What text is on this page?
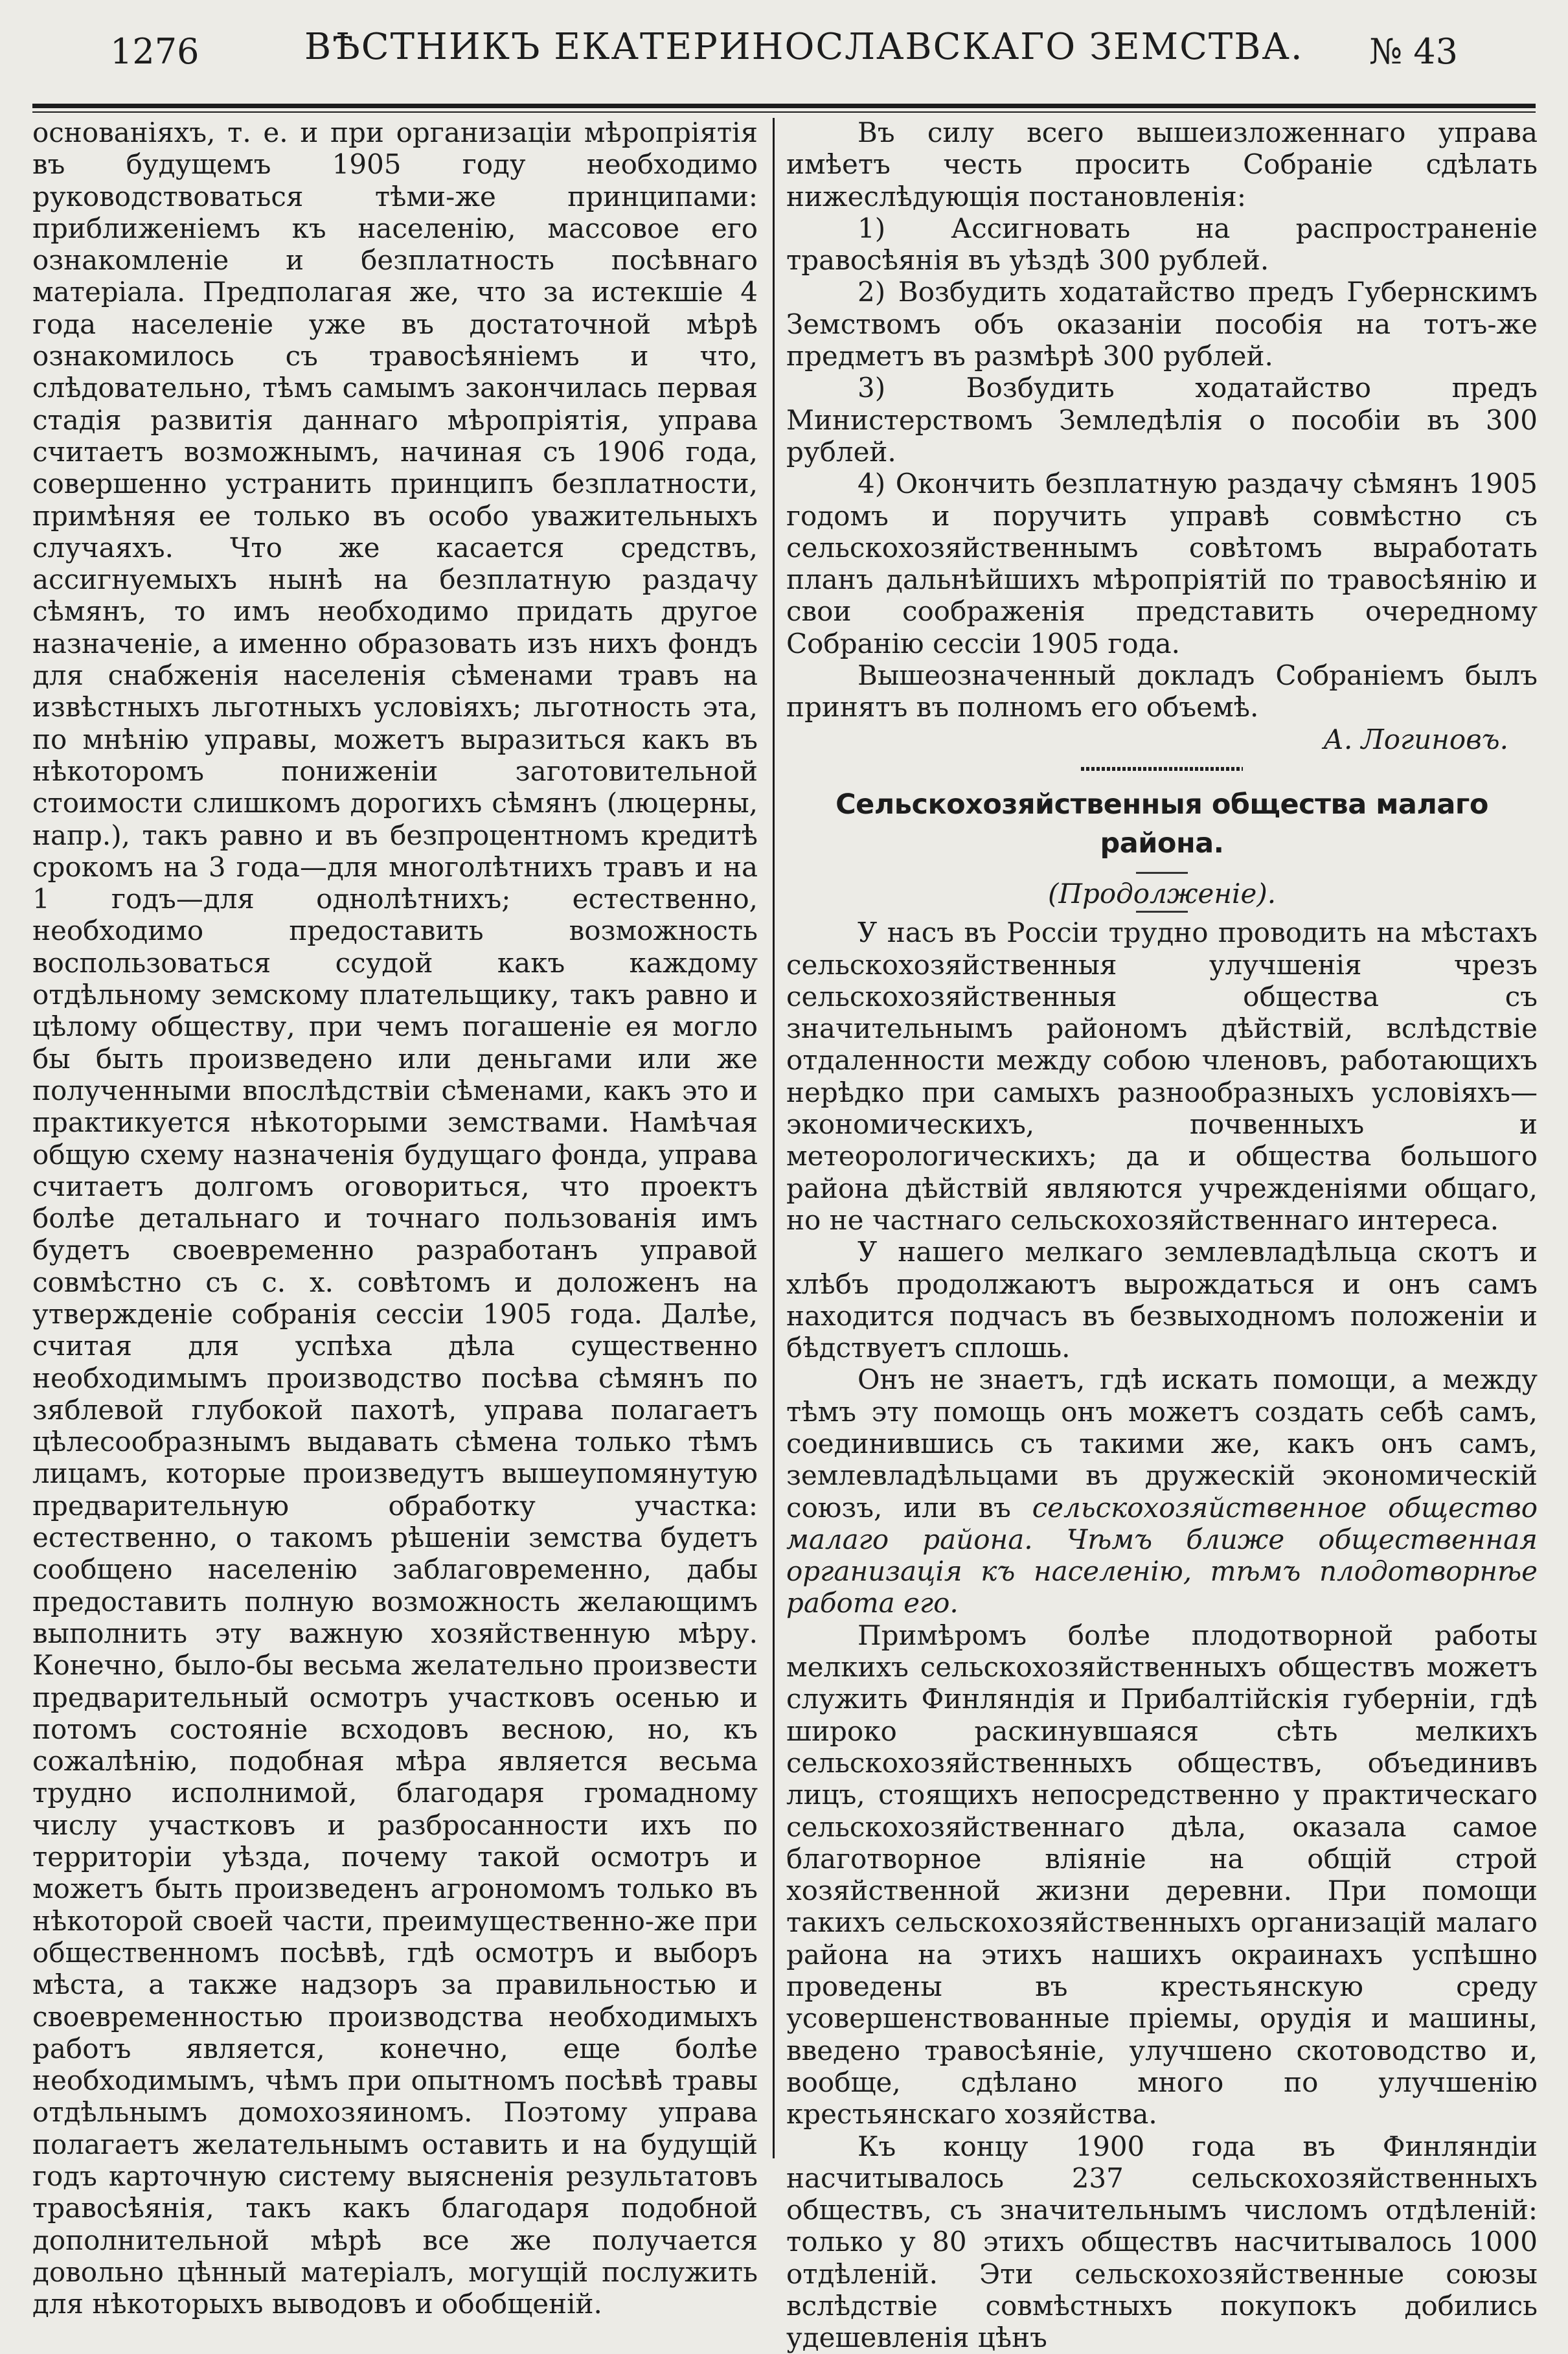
1276	ВѢСТНИКЪ ЕКАТЕРИНОСЛАВСКАГО ЗЕМСТВА. № 43

основаніяхъ, т. е. и при организаціи мѣропріятія въ будущемъ 1905 году необходимо руководствоваться тѣми-же принципами: приближеніемъ къ населенію, массовое его ознакомленіе и безплатность посѣвнаго матеріала. Предполагая же, что за истекшіе 4 года населеніе уже въ достаточной мѣрѣ ознакомилось съ травосѣяніемъ и что, слѣдовательно, тѣмъ самымъ закончилась первая стадія развитія даннаго мѣропріятія, управа считаетъ возможнымъ, начиная съ 1906 года, совершенно устранить принципъ безплатности, примѣняя ее только въ особо уважительныхъ случаяхъ. Что же касается средствъ, ассигнуемыхъ нынѣ на безплатную раздачу сѣмянъ, то имъ необходимо придать другое назначеніе, а именно образовать изъ нихъ фондъ для снабженія населенія сѣменами травъ на извѣстныхъ льготныхъ условіяхъ; льготность эта, по мнѣнію управы, можетъ выразиться какъ въ нѣкоторомъ пониженіи заготовительной стоимости слишкомъ дорогихъ сѣмянъ (люцерны, напр.), такъ равно и въ безпроцентномъ кредитѣ срокомъ на 3 года—для многолѣтнихъ травъ и на 1 годъ—для однолѣтнихъ; естественно, необходимо предоставить возможность воспользоваться ссудой какъ каждому отдѣльному земскому плательщику, такъ равно и цѣлому обществу, при чемъ погашеніе ея могло бы быть произведено или деньгами или же полученными впослѣдствіи сѣменами, какъ это и практикуется нѣкоторыми земствами. Намѣчая общую схему назначенія будущаго фонда, управа считаетъ долгомъ оговориться, что проектъ болѣе детальнаго и точнаго пользованія имъ будетъ своевременно разработанъ управой совмѣстно съ с. х. совѣтомъ и доложенъ на утвержденіе собранія сессіи 1905 года. Далѣе, считая для успѣха дѣла существенно необходимымъ производство посѣва сѣмянъ по зяблевой глубокой пахотѣ, управа полагаетъ цѣлесообразнымъ выдавать сѣмена только тѣмъ лицамъ, которые произведутъ вышеупомянутую предварительную обработку участка: естественно, о такомъ рѣшеніи земства будетъ сообщено населенію заблаговременно, дабы предоставить полную возможность желающимъ выполнить эту важную хозяйственную мѣру. Конечно, было-бы весьма желательно произвести предварительный осмотръ участковъ осенью и потомъ состояніе всходовъ весною, но, къ сожалѣнію, подобная мѣра является весьма трудно исполнимой, благодаря громадному числу участковъ и разбросанности ихъ по территоріи уѣзда, почему такой осмотръ и можетъ быть произведенъ агрономомъ только въ нѣкоторой своей части, преимущественно-же при общественномъ посѣвѣ, гдѣ осмотръ и выборъ мѣста, а также надзоръ за правильностью и своевременностью производства необходимыхъ работъ является, конечно, еще болѣе необходимымъ, чѣмъ при опытномъ посѣвѣ травы отдѣльнымъ домохозяиномъ. Поэтому управа полагаетъ желательнымъ оставить и на будущій годъ карточную систему выясненія результатовъ травосѣянія, такъ какъ благодаря подобной дополнительной мѣрѣ все же получается довольно цѣнный матеріалъ, могущій послужить для нѣкоторыхъ выводовъ и обобщеній.

Въ силу всего вышеизложеннаго управа имѣетъ честь просить Собраніе сдѣлать нижеслѣдующія постановленія:

1) Ассигновать на распространеніе травосѣянія въ уѣздѣ 300 рублей.

2) Возбудить ходатайство предъ Губернскимъ Земствомъ объ оказаніи пособія на тотъ-же предметъ въ размѣрѣ 300 рублей.

3) Возбудить ходатайство предъ Министерствомъ Земледѣлія о пособіи въ 300 рублей.

4) Окончить безплатную раздачу сѣмянъ 1905 годомъ и поручить управѣ совмѣстно съ сельскохозяйственнымъ совѣтомъ выработать планъ дальнѣйшихъ мѣропріятій по травосѣянію и свои соображенія представить очередному Собранію сессіи 1905 года.

Вышеозначенный докладъ Собраніемъ былъ принятъ въ полномъ его объемѣ.

А. Логиновъ.

Сельскохозяйственныя общества малаго района.

(Продолженіе).

У насъ въ Россіи трудно проводить на мѣстахъ сельскохозяйственныя улучшенія чрезъ сельскохозяйственныя общества съ значительнымъ райономъ дѣйствій, вслѣдствіе отдаленности между собою членовъ, работающихъ нерѣдко при самыхъ разнообразныхъ условіяхъ—экономическихъ, почвенныхъ и метеорологическихъ; да и общества большого района дѣйствій являются учрежденіями общаго, но не частнаго сельскохозяйственнаго интереса.

У нашего мелкаго землевладѣльца скотъ и хлѣбъ продолжаютъ вырождаться и онъ самъ находится подчасъ въ безвыходномъ положеніи и бѣдствуетъ сплошь.

Онъ не знаетъ, гдѣ искать помощи, а между тѣмъ эту помощь онъ можетъ создать себѣ самъ, соединившись съ такими же, какъ онъ самъ, землевладѣльцами въ дружескій экономическій союзъ, или въ сельскохозяйственное общество малаго района. Чѣмъ ближе общественная организація къ населенію, тѣмъ плодотворнѣе работа его.

Примѣромъ болѣе плодотворной работы мелкихъ сельскохозяйственныхъ обществъ можетъ служить Финляндія и Прибалтійскія губерніи, гдѣ широко раскинувшаяся сѣть мелкихъ сельскохозяйственныхъ обществъ, объединивъ лицъ, стоящихъ непосредственно у практическаго сельскохозяйственнаго дѣла, оказала самое благотворное вліяніе на общій строй хозяйственной жизни деревни. При помощи такихъ сельскохозяйственныхъ организацій малаго района на этихъ нашихъ окраинахъ успѣшно проведены въ крестьянскую среду усовершенствованные пріемы, орудія и машины, введено травосѣяніе, улучшено скотоводство и, вообще, сдѣлано много по улучшенію крестьянскаго хозяйства.

Къ концу 1900 года въ Финляндіи насчитывалось 237 сельскохозяйственныхъ обществъ, съ значительнымъ числомъ отдѣленій: только у 80 этихъ обществъ насчитывалось 1000 отдѣленій. Эти сельскохозяйственные союзы вслѣдствіе совмѣстныхъ покупокъ добились удешевленія цѣнъ
